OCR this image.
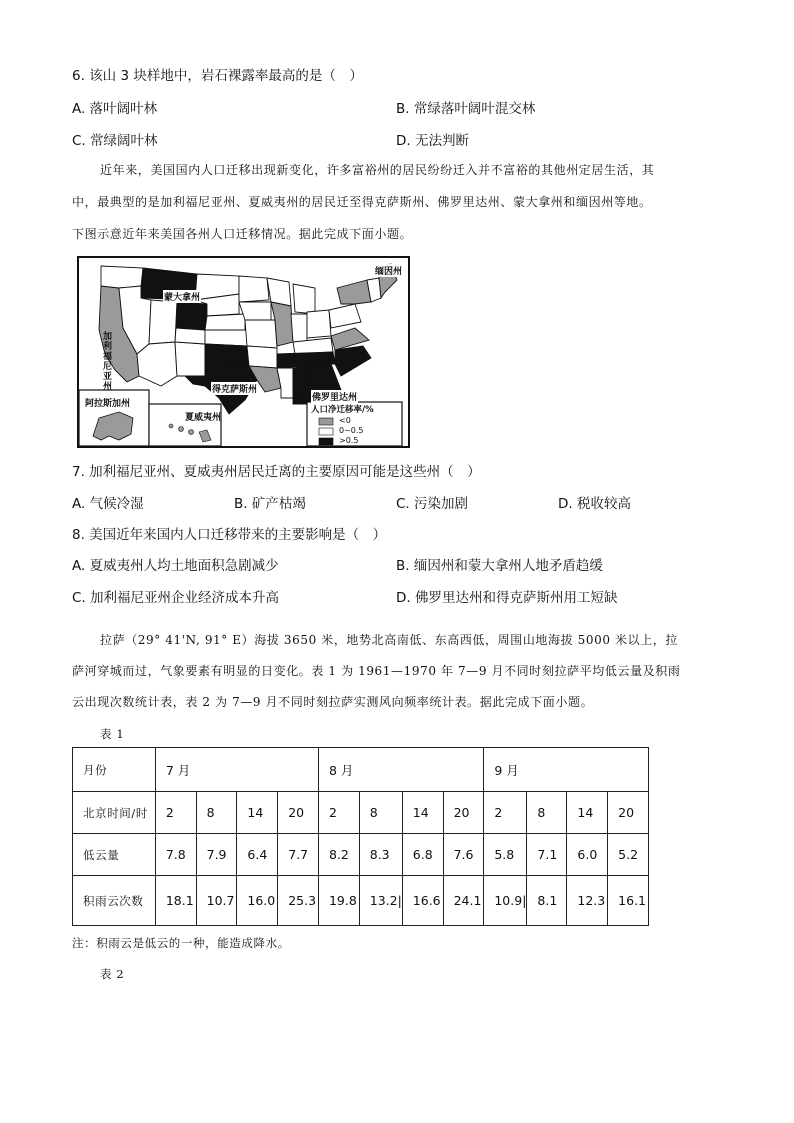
6. 该山 3 块样地中，岩石裸露率最高的是（　）
A. 落叶阔叶林	B. 常绿落叶阔叶混交林
C. 常绿阔叶林	D. 无法判断
近年来，美国国内人口迁移出现新变化，许多富裕州的居民纷纷迁入并不富裕的其他州定居生活，其
中，最典型的是加利福尼亚州、夏威夷州的居民迁至得克萨斯州、佛罗里达州、蒙大拿州和缅因州等地。
下图示意近年来美国各州人口迁移情况。据此完成下面小题。
缅因州
蒙大拿州
加
利
福
尼
亚
州	得克萨斯州
佛罗里达州
阿拉斯加州
夏威夷州
人口净迁移率/%
<0
0~0.5
>0.5
7. 加利福尼亚州、夏威夷州居民迁离的主要原因可能是这些州（　）
A. 气候冷湿	B. 矿产枯竭	C. 污染加剧	D. 税收较高
8. 美国近年来国内人口迁移带来的主要影响是（　）
A. 夏威夷州人均土地面积急剧减少	B. 缅因州和蒙大拿州人地矛盾趋缓
C. 加利福尼亚州企业经济成本升高	D. 佛罗里达州和得克萨斯州用工短缺
拉萨（29° 41'N, 91° E）海拔 3650 米，地势北高南低、东高西低，周围山地海拔 5000 米以上，拉
萨河穿城而过，气象要素有明显的日变化。表 1 为 1961—1970 年 7—9 月不同时刻拉萨平均低云量及积雨
云出现次数统计表，表 2 为 7—9 月不同时刻拉萨实测风向频率统计表。据此完成下面小题。
表 1
月份	7 月				8 月				9 月			
北京时间/时	2	8	14	20	2	8	14	20	2	8	14	20
低云量	7.8	7.9	6.4	7.7	8.2	8.3	6.8	7.6	5.8	7.1	6.0	5.2
积雨云次数	18.1	10.7	16.0	25.3	19.8	13.2|	16.6	24.1	10.9|	8.1	12.3	16.1
注：积雨云是低云的一种，能造成降水。
表 2
